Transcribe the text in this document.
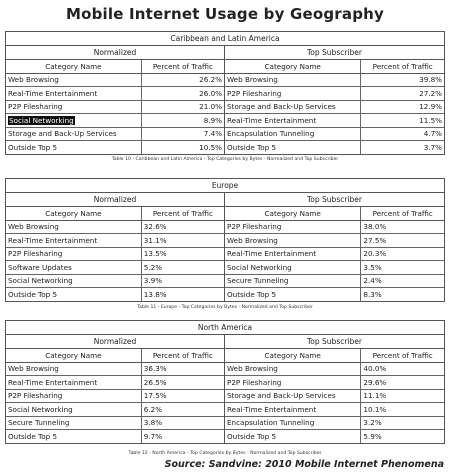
Mobile Internet Usage by Geography
Caribbean and Latin America
Normalized
Category Name	Percent of Traffic
Web Browsing	26.2%
Real-Time Entertainment	26.0%
P2P Filesharing	21.0%
Social Networking	8.9%
Storage and Back-Up Services	7.4%
Outside Top 5	10.5%
Top Subscriber
Category Name	Percent of Traffic
Web Browsing	39.8%
P2P Filesharing	27.2%
Storage and Back-Up Services	12.9%
Real-Time Entertainment	11.5%
Encapsulation Tunneling	4.7%
Outside Top 5	3.7%
Table 10 - Caribbean and Latin America - Top Categories by Bytes - Normalized and Top Subscriber
Europe
Normalized
Category Name	Percent of Traffic
Web Browsing	32.6%
Real-Time Entertainment	31.1%
P2P Filesharing	13.5%
Software Updates	5.2%
Social Networking	3.9%
Outside Top 5	13.8%
Top Subscriber
Category Name	Percent of Traffic
P2P Filesharing	38.0%
Web Browsing	27.5%
Real-Time Entertainment	20.3%
Social Networking	3.5%
Secure Tunneling	2.4%
Outside Top 5	8.3%
Table 11 - Europe - Top Categories by Bytes - Normalized and Top Subscriber
North America
Normalized
Category Name	Percent of Traffic
Web Browsing	36.3%
Real-Time Entertainment	26.5%
P2P Filesharing	17.5%
Social Networking	6.2%
Secure Tunneling	3.8%
Outside Top 5	9.7%
Top Subscriber
Category Name	Percent of Traffic
Web Browsing	40.0%
P2P Filesharing	29.6%
Storage and Back-Up Services	11.1%
Real-Time Entertainment	10.1%
Encapsulation Tunneling	3.2%
Outside Top 5	5.9%
Table 12 - North America - Top Categories by Bytes - Normalized and Top Subscriber
Source: Sandvine: 2010 Mobile Internet Phenomena
